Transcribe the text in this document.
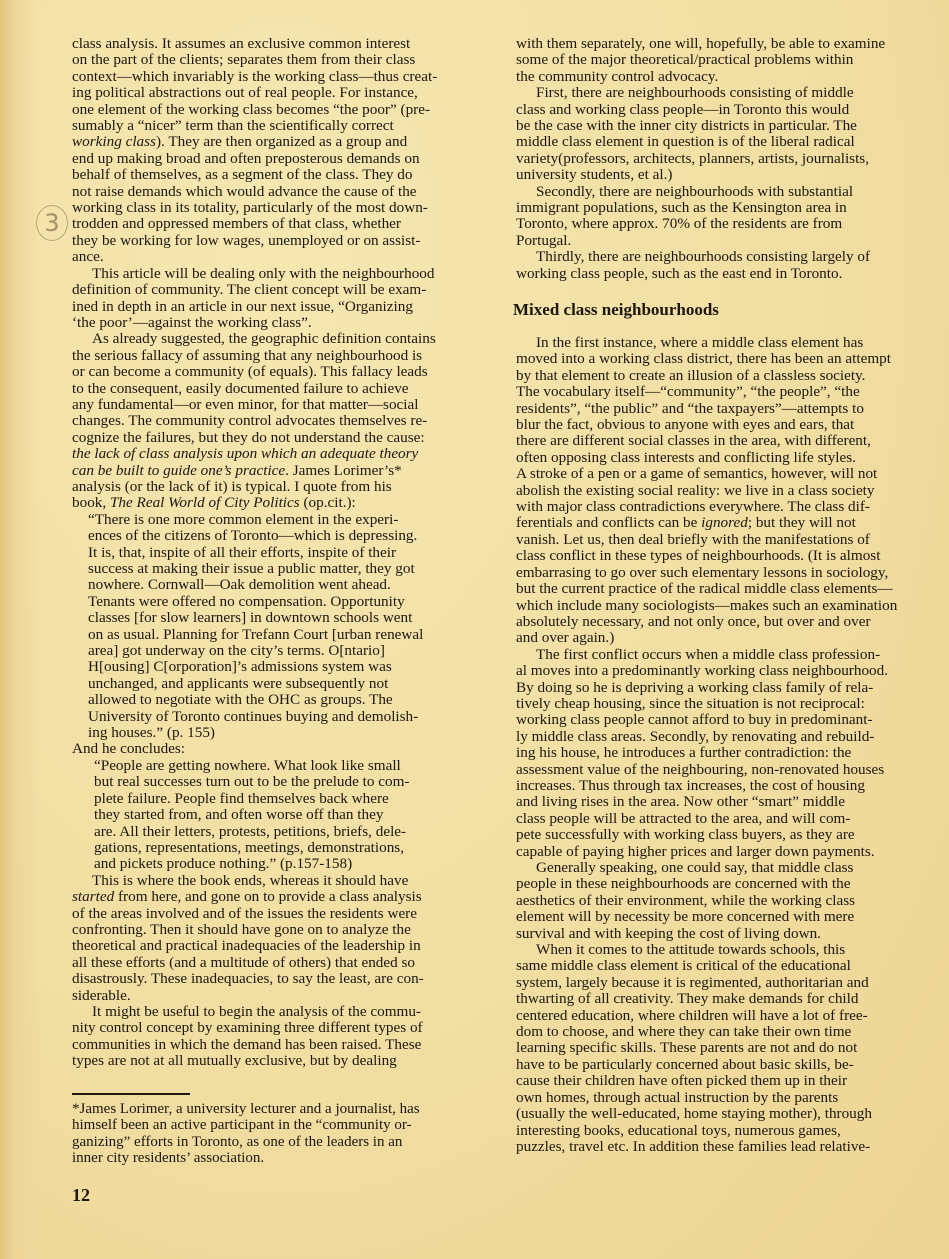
3
class analysis. It assumes an exclusive common interest
on the part of the clients; separates them from their class
context—which invariably is the working class—thus creat-
ing political abstractions out of real people. For instance,
one element of the working class becomes “the poor” (pre-
sumably a “nicer” term than the scientifically correct
working class). They are then organized as a group and
end up making broad and often preposterous demands on
behalf of themselves, as a segment of the class. They do
not raise demands which would advance the cause of the
working class in its totality, particularly of the most down-
trodden and oppressed members of that class, whether
they be working for low wages, unemployed or on assist-
ance.
This article will be dealing only with the neighbourhood
definition of community. The client concept will be exam-
ined in depth in an article in our next issue, “Organizing
‘the poor’—against the working class”.
As already suggested, the geographic definition contains
the serious fallacy of assuming that any neighbourhood is
or can become a community (of equals). This fallacy leads
to the consequent, easily documented failure to achieve
any fundamental—or even minor, for that matter—social
changes. The community control advocates themselves re-
cognize the failures, but they do not understand the cause:
the lack of class analysis upon which an adequate theory
can be built to guide one’s practice. James Lorimer’s*
analysis (or the lack of it) is typical. I quote from his
book, The Real World of City Politics (op.cit.):
“There is one more common element in the experi-
ences of the citizens of Toronto—which is depressing.
It is, that, inspite of all their efforts, inspite of their
success at making their issue a public matter, they got
nowhere. Cornwall—Oak demolition went ahead.
Tenants were offered no compensation. Opportunity
classes [for slow learners] in downtown schools went
on as usual. Planning for Trefann Court [urban renewal
area] got underway on the city’s terms. O[ntario]
H[ousing] C[orporation]’s admissions system was
unchanged, and applicants were subsequently not
allowed to negotiate with the OHC as groups. The
University of Toronto continues buying and demolish-
ing houses.” (p. 155)
And he concludes:
“People are getting nowhere. What look like small
but real successes turn out to be the prelude to com-
plete failure. People find themselves back where
they started from, and often worse off than they
are. All their letters, protests, petitions, briefs, dele-
gations, representations, meetings, demonstrations,
and pickets produce nothing.” (p.157-158)
This is where the book ends, whereas it should have
started from here, and gone on to provide a class analysis
of the areas involved and of the issues the residents were
confronting. Then it should have gone on to analyze the
theoretical and practical inadequacies of the leadership in
all these efforts (and a multitude of others) that ended so
disastrously. These inadequacies, to say the least, are con-
siderable.
It might be useful to begin the analysis of the commu-
nity control concept by examining three different types of
communities in which the demand has been raised. These
types are not at all mutually exclusive, but by dealing
*James Lorimer, a university lecturer and a journalist, has
himself been an active participant in the “community or-
ganizing” efforts in Toronto, as one of the leaders in an
inner city residents’ association.
12
with them separately, one will, hopefully, be able to examine
some of the major theoretical/practical problems within
the community control advocacy.
First, there are neighbourhoods consisting of middle
class and working class people—in Toronto this would
be the case with the inner city districts in particular. The
middle class element in question is of the liberal radical
variety(professors, architects, planners, artists, journalists,
university students, et al.)
Secondly, there are neighbourhoods with substantial
immigrant populations, such as the Kensington area in
Toronto, where approx. 70% of the residents are from
Portugal.
Thirdly, there are neighbourhoods consisting largely of
working class people, such as the east end in Toronto.
Mixed class neighbourhoods
In the first instance, where a middle class element has
moved into a working class district, there has been an attempt
by that element to create an illusion of a classless society.
The vocabulary itself—“community”, “the people”, “the
residents”, “the public” and “the taxpayers”—attempts to
blur the fact, obvious to anyone with eyes and ears, that
there are different social classes in the area, with different,
often opposing class interests and conflicting life styles.
A stroke of a pen or a game of semantics, however, will not
abolish the existing social reality: we live in a class society
with major class contradictions everywhere. The class dif-
ferentials and conflicts can be ignored; but they will not
vanish. Let us, then deal briefly with the manifestations of
class conflict in these types of neighbourhoods. (It is almost
embarrasing to go over such elementary lessons in sociology,
but the current practice of the radical middle class elements—
which include many sociologists—makes such an examination
absolutely necessary, and not only once, but over and over
and over again.)
The first conflict occurs when a middle class profession-
al moves into a predominantly working class neighbourhood.
By doing so he is depriving a working class family of rela-
tively cheap housing, since the situation is not reciprocal:
working class people cannot afford to buy in predominant-
ly middle class areas. Secondly, by renovating and rebuild-
ing his house, he introduces a further contradiction: the
assessment value of the neighbouring, non-renovated houses
increases. Thus through tax increases, the cost of housing
and living rises in the area. Now other “smart” middle
class people will be attracted to the area, and will com-
pete successfully with working class buyers, as they are
capable of paying higher prices and larger down payments.
Generally speaking, one could say, that middle class
people in these neighbourhoods are concerned with the
aesthetics of their environment, while the working class
element will by necessity be more concerned with mere
survival and with keeping the cost of living down.
When it comes to the attitude towards schools, this
same middle class element is critical of the educational
system, largely because it is regimented, authoritarian and
thwarting of all creativity. They make demands for child
centered education, where children will have a lot of free-
dom to choose, and where they can take their own time
learning specific skills. These parents are not and do not
have to be particularly concerned about basic skills, be-
cause their children have often picked them up in their
own homes, through actual instruction by the parents
(usually the well-educated, home staying mother), through
interesting books, educational toys, numerous games,
puzzles, travel etc. In addition these families lead relative-
